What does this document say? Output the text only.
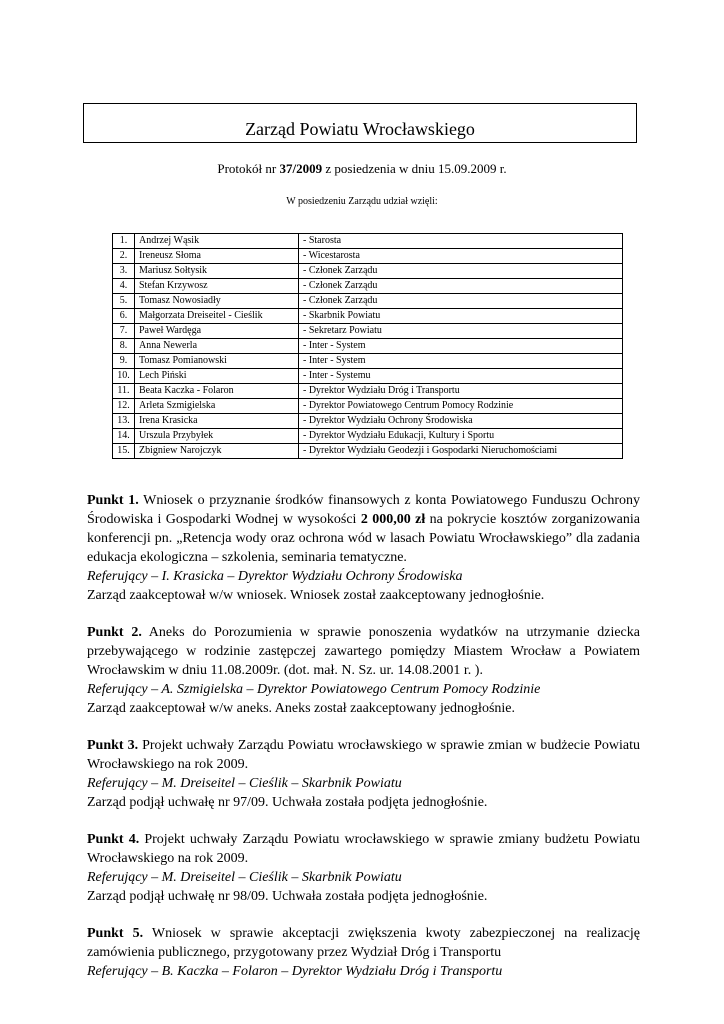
Zarząd Powiatu Wrocławskiego
Protokół nr 37/2009 z posiedzenia w dniu 15.09.2009 r.
W posiedzeniu Zarządu udział wzięli:
1.	Andrzej Wąsik	- Starosta
2.	Ireneusz Słoma	- Wicestarosta
3.	Mariusz Sołtysik	- Członek Zarządu
4.	Stefan Krzywosz	- Członek Zarządu
5.	Tomasz Nowosiadły	- Członek Zarządu
6.	Małgorzata Dreiseitel - Cieślik	- Skarbnik Powiatu
7.	Paweł Wardęga	- Sekretarz Powiatu
8.	Anna Newerla	- Inter - System
9.	Tomasz Pomianowski	- Inter - System
10.	Lech Piński	- Inter - Systemu
11.	Beata Kaczka - Folaron	- Dyrektor Wydziału Dróg i Transportu
12.	Arleta Szmigielska	- Dyrektor Powiatowego Centrum Pomocy Rodzinie
13.	Irena Krasicka	- Dyrektor Wydziału Ochrony Środowiska
14.	Urszula Przybyłek	- Dyrektor Wydziału Edukacji, Kultury i Sportu
15.	Zbigniew Narojczyk	- Dyrektor Wydziału Geodezji i Gospodarki Nieruchomościami

Punkt 1. Wniosek o przyznanie środków finansowych z konta Powiatowego Funduszu Ochrony Środowiska i Gospodarki Wodnej w wysokości 2 000,00 zł na pokrycie kosztów zorganizowania konferencji pn. „Retencja wody oraz ochrona wód w lasach Powiatu Wrocławskiego” dla zadania edukacja ekologiczna – szkolenia, seminaria tematyczne.

Referujący – I. Krasicka – Dyrektor Wydziału Ochrony Środowiska

Zarząd zaakceptował w/w wniosek. Wniosek został zaakceptowany jednogłośnie.

Punkt 2. Aneks do Porozumienia w sprawie ponoszenia wydatków na utrzymanie dziecka przebywającego w rodzinie zastępczej zawartego pomiędzy Miastem Wrocław a Powiatem Wrocławskim w dniu 11.08.2009r. (dot. mał. N. Sz. ur. 14.08.2001 r. ).

Referujący – A. Szmigielska – Dyrektor Powiatowego Centrum Pomocy Rodzinie

Zarząd zaakceptował w/w aneks. Aneks został zaakceptowany jednogłośnie.

Punkt 3. Projekt uchwały Zarządu Powiatu wrocławskiego w sprawie zmian w budżecie Powiatu Wrocławskiego na rok 2009.

Referujący – M. Dreiseitel – Cieślik – Skarbnik Powiatu

Zarząd podjął uchwałę nr 97/09. Uchwała została podjęta jednogłośnie.

Punkt 4. Projekt uchwały Zarządu Powiatu wrocławskiego w sprawie zmiany budżetu Powiatu Wrocławskiego na rok 2009.

Referujący – M. Dreiseitel – Cieślik – Skarbnik Powiatu

Zarząd podjął uchwałę nr 98/09. Uchwała została podjęta jednogłośnie.

Punkt 5. Wniosek w sprawie akceptacji zwiększenia kwoty zabezpieczonej na realizację zamówienia publicznego, przygotowany przez Wydział Dróg i Transportu

Referujący – B. Kaczka – Folaron – Dyrektor Wydziału Dróg i Transportu
